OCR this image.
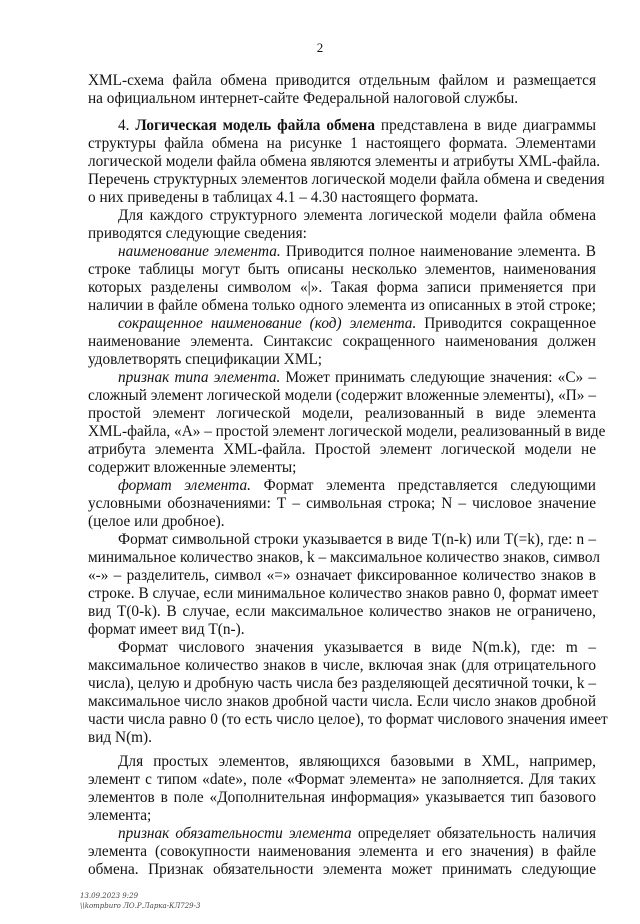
2
XML-схема файла обмена приводится отдельным файлом и размещается
на официальном интернет-сайте Федеральной налоговой службы.
4. Логическая модель файла обмена представлена в виде диаграммы
структуры файла обмена на рисунке 1 настоящего формата. Элементами
логической модели файла обмена являются элементы и атрибуты XML-файла.
Перечень структурных элементов логической модели файла обмена и сведения
о них приведены в таблицах 4.1 – 4.30 настоящего формата.
Для каждого структурного элемента логической модели файла обмена
приводятся следующие сведения:
наименование элемента. Приводится полное наименование элемента. В
строке таблицы могут быть описаны несколько элементов, наименования
которых разделены символом «|». Такая форма записи применяется при
наличии в файле обмена только одного элемента из описанных в этой строке;
сокращенное наименование (код) элемента. Приводится сокращенное
наименование элемента. Синтаксис сокращенного наименования должен
удовлетворять спецификации XML;
признак типа элемента. Может принимать следующие значения: «С» –
сложный элемент логической модели (содержит вложенные элементы), «П» –
простой элемент логической модели, реализованный в виде элемента
XML-файла, «А» – простой элемент логической модели, реализованный в виде
атрибута элемента XML-файла. Простой элемент логической модели не
содержит вложенные элементы;
формат элемента. Формат элемента представляется следующими
условными обозначениями: Т – символьная строка; N – числовое значение
(целое или дробное).
Формат символьной строки указывается в виде Т(n-k) или Т(=k), где: n –
минимальное количество знаков, k – максимальное количество знаков, символ
«-» – разделитель, символ «=» означает фиксированное количество знаков в
строке. В случае, если минимальное количество знаков равно 0, формат имеет
вид Т(0-k). В случае, если максимальное количество знаков не ограничено,
формат имеет вид Т(n-).
Формат числового значения указывается в виде N(m.k), где: m –
максимальное количество знаков в числе, включая знак (для отрицательного
числа), целую и дробную часть числа без разделяющей десятичной точки, k –
максимальное число знаков дробной части числа. Если число знаков дробной
части числа равно 0 (то есть число целое), то формат числового значения имеет
вид N(m).
Для простых элементов, являющихся базовыми в XML, например,
элемент с типом «date», поле «Формат элемента» не заполняется. Для таких
элементов в поле «Дополнительная информация» указывается тип базового
элемента;
признак обязательности элемента определяет обязательность наличия
элемента (совокупности наименования элемента и его значения) в файле
обмена. Признак обязательности элемента может принимать следующие
13.09.2023 9:29
\\kompburo ЛО.Р.Лаpка-КЛ729-3
